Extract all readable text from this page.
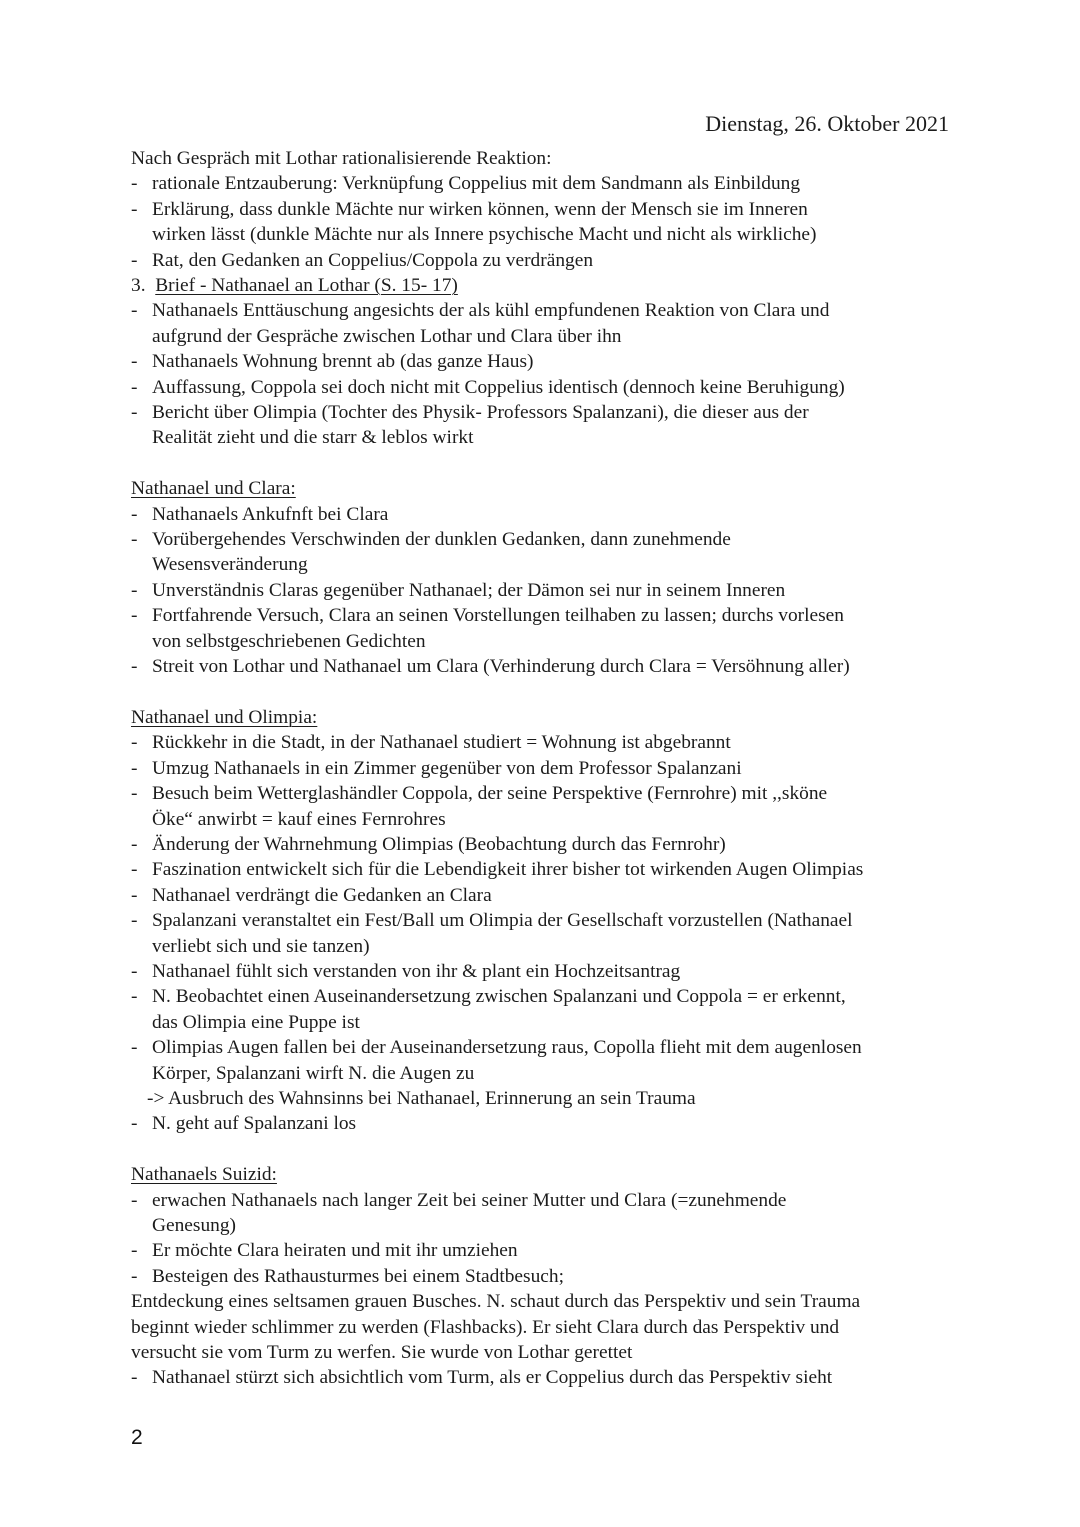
Dienstag, 26. Oktober 2021
Nach Gespräch mit Lothar rationalisierende Reaktion:
- rationale Entzauberung: Verknüpfung Coppelius mit dem Sandmann als Einbildung
- Erklärung, dass dunkle Mächte nur wirken können, wenn der Mensch sie im Inneren
wirken lässt (dunkle Mächte nur als Innere psychische Macht und nicht als wirkliche)
- Rat, den Gedanken an Coppelius/Coppola zu verdrängen
3. Brief - Nathanael an Lothar (S. 15- 17)
- Nathanaels Enttäuschung angesichts der als kühl empfundenen Reaktion von Clara und
aufgrund der Gespräche zwischen Lothar und Clara über ihn
- Nathanaels Wohnung brennt ab (das ganze Haus)
- Auffassung, Coppola sei doch nicht mit Coppelius identisch (dennoch keine Beruhigung)
- Bericht über Olimpia (Tochter des Physik- Professors Spalanzani), die dieser aus der
Realität zieht und die starr & leblos wirkt
Nathanael und Clara:
- Nathanaels Ankufnft bei Clara
- Vorübergehendes Verschwinden der dunklen Gedanken, dann zunehmende
Wesensveränderung
- Unverständnis Claras gegenüber Nathanael; der Dämon sei nur in seinem Inneren
- Fortfahrende Versuch, Clara an seinen Vorstellungen teilhaben zu lassen; durchs vorlesen
von selbstgeschriebenen Gedichten
- Streit von Lothar und Nathanael um Clara (Verhinderung durch Clara = Versöhnung aller)
Nathanael und Olimpia:
- Rückkehr in die Stadt, in der Nathanael studiert = Wohnung ist abgebrannt
- Umzug Nathanaels in ein Zimmer gegenüber von dem Professor Spalanzani
- Besuch beim Wetterglashändler Coppola, der seine Perspektive (Fernrohre) mit ,,sköne
Öke“ anwirbt = kauf eines Fernrohres
- Änderung der Wahrnehmung Olimpias (Beobachtung durch das Fernrohr)
- Faszination entwickelt sich für die Lebendigkeit ihrer bisher tot wirkenden Augen Olimpias
- Nathanael verdrängt die Gedanken an Clara
- Spalanzani veranstaltet ein Fest/Ball um Olimpia der Gesellschaft vorzustellen (Nathanael
verliebt sich und sie tanzen)
- Nathanael fühlt sich verstanden von ihr & plant ein Hochzeitsantrag
- N. Beobachtet einen Auseinandersetzung zwischen Spalanzani und Coppola = er erkennt,
das Olimpia eine Puppe ist
- Olimpias Augen fallen bei der Auseinandersetzung raus, Copolla flieht mit dem augenlosen
Körper, Spalanzani wirft N. die Augen zu
-> Ausbruch des Wahnsinns bei Nathanael, Erinnerung an sein Trauma
- N. geht auf Spalanzani los
Nathanaels Suizid:
- erwachen Nathanaels nach langer Zeit bei seiner Mutter und Clara (=zunehmende
Genesung)
- Er möchte Clara heiraten und mit ihr umziehen
- Besteigen des Rathausturmes bei einem Stadtbesuch;
Entdeckung eines seltsamen grauen Busches. N. schaut durch das Perspektiv und sein Trauma
beginnt wieder schlimmer zu werden (Flashbacks). Er sieht Clara durch das Perspektiv und
versucht sie vom Turm zu werfen. Sie wurde von Lothar gerettet
- Nathanael stürzt sich absichtlich vom Turm, als er Coppelius durch das Perspektiv sieht
2
